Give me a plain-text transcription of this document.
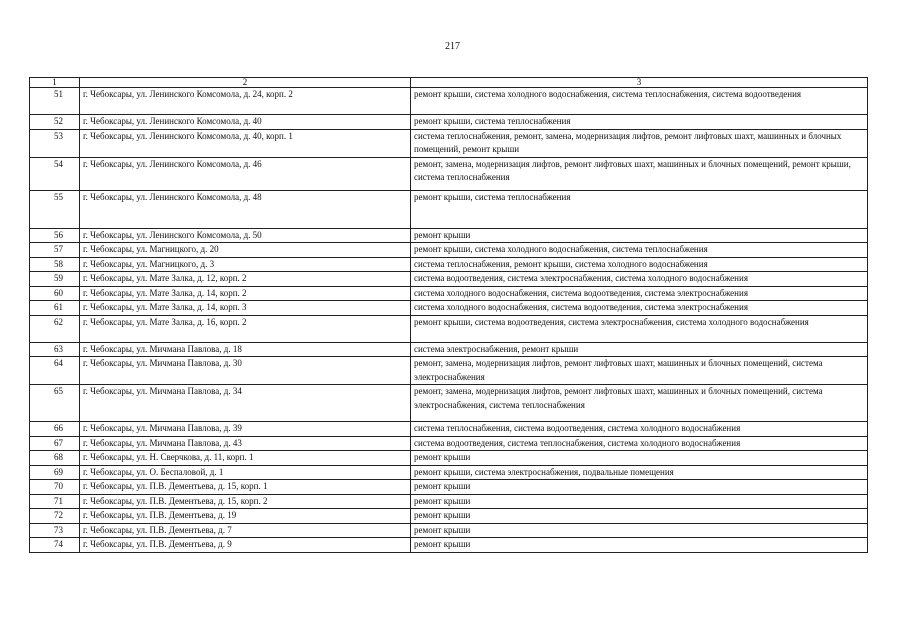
217
1	2	3
51	г. Чебоксары, ул. Ленинского Комсомола, д. 24, корп. 2	ремонт крыши, система холодного водоснабжения, система теплоснабжения, система водоотведения
52	г. Чебоксары, ул. Ленинского Комсомола, д. 40	ремонт крыши, система теплоснабжения
53	г. Чебоксары, ул. Ленинского Комсомола, д. 40, корп. 1	система теплоснабжения, ремонт, замена, модернизация лифтов, ремонт лифтовых шахт, машинных и блочных помещений, ремонт крыши
54	г. Чебоксары, ул. Ленинского Комсомола, д. 46	ремонт, замена, модернизация лифтов, ремонт лифтовых шахт, машинных и блочных помещений, ремонт крыши, система теплоснабжения
55	г. Чебоксары, ул. Ленинского Комсомола, д. 48	ремонт крыши, система теплоснабжения
56	г. Чебоксары, ул. Ленинского Комсомола, д. 50	ремонт крыши
57	г. Чебоксары, ул. Магницкого, д. 20	ремонт крыши, система холодного водоснабжения, система теплоснабжения
58	г. Чебоксары, ул. Магницкого, д. 3	система теплоснабжения, ремонт крыши, система холодного водоснабжения
59	г. Чебоксары, ул. Мате Залка, д. 12, корп. 2	система водоотведения, система электроснабжения, система холодного водоснабжения
60	г. Чебоксары, ул. Мате Залка, д. 14, корп. 2	система холодного водоснабжения, система водоотведения, система электроснабжения
61	г. Чебоксары, ул. Мате Залка, д. 14, корп. 3	система холодного водоснабжения, система водоотведения, система электроснабжения
62	г. Чебоксары, ул. Мате Залка, д. 16, корп. 2	ремонт крыши, система водоотведения, система электроснабжения, система холодного водоснабжения
63	г. Чебоксары, ул. Мичмана Павлова, д. 18	система электроснабжения, ремонт крыши
64	г. Чебоксары, ул. Мичмана Павлова, д. 30	ремонт, замена, модернизация лифтов, ремонт лифтовых шахт, машинных и блочных помещений, система электроснабжения
65	г. Чебоксары, ул. Мичмана Павлова, д. 34	ремонт, замена, модернизация лифтов, ремонт лифтовых шахт, машинных и блочных помещений, система электроснабжения, система теплоснабжения
66	г. Чебоксары, ул. Мичмана Павлова, д. 39	система теплоснабжения, система водоотведения, система холодного водоснабжения
67	г. Чебоксары, ул. Мичмана Павлова, д. 43	система водоотведения, система теплоснабжения, система холодного водоснабжения
68	г. Чебоксары, ул. Н. Сверчкова, д. 11, корп. 1	ремонт крыши
69	г. Чебоксары, ул. О. Беспаловой, д. 1	ремонт крыши, система электроснабжения, подвальные помещения
70	г. Чебоксары, ул. П.В. Дементьева, д. 15, корп. 1	ремонт крыши
71	г. Чебоксары, ул. П.В. Дементьева, д. 15, корп. 2	ремонт крыши
72	г. Чебоксары, ул. П.В. Дементьева, д. 19	ремонт крыши
73	г. Чебоксары, ул. П.В. Дементьева, д. 7	ремонт крыши
74	г. Чебоксары, ул. П.В. Дементьева, д. 9	ремонт крыши
